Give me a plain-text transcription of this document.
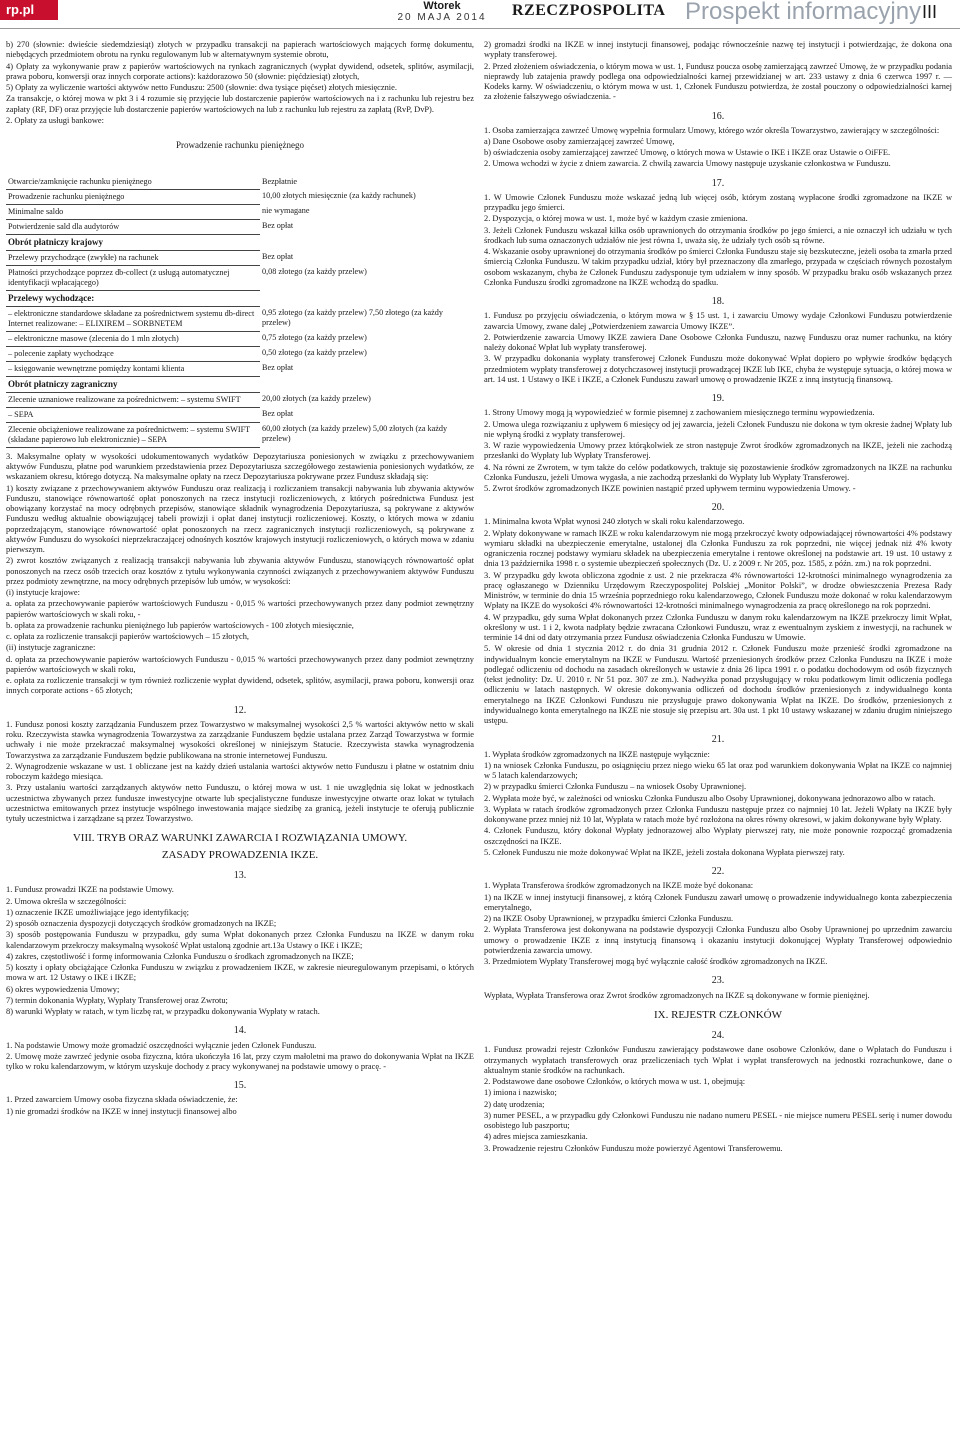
rp.pl	Wtorek
20 MAJA 2014	RZECZPOSPOLITA Prospekt informacyjny III

b) 270 (słownie: dwieście siedemdziesiąt) złotych w przypadku transakcji na papierach wartościowych mających formę dokumentu, niebędących przedmiotem obrotu na rynku regulowanym lub w alternatywnym systemie obrotu,

4) Opłaty za wykonywanie praw z papierów wartościowych na rynkach zagranicznych (wypłat dywidend, odsetek, splitów, asymilacji, prawa poboru, konwersji oraz innych corporate actions): każdorazowo 50 (słownie: pięćdziesiąt) złotych,

5) Opłaty za wyliczenie wartości aktywów netto Funduszu: 2500 (słownie: dwa tysiące pięćset) złotych miesięcznie.

Za transakcje, o której mowa w pkt 3 i 4 rozumie się przyjęcie lub dostarczenie papierów wartościowych na i z rachunku lub rejestru bez zapłaty (RF, DF) oraz przyjęcie lub dostarczenie papierów wartościowych na lub z rachunku lub rejestru za zapłatą (RvP, DvP).

2. Opłaty za usługi bankowe:

Prowadzenie rachunku pieniężnego
Otwarcie/zamknięcie rachunku pieniężnego	Bezpłatnie
Prowadzenie rachunku pieniężnego	10,00 złotych miesięcznie (za każdy rachunek)
Minimalne saldo	nie wymagane
Potwierdzenie sald dla audytorów	Bez opłat
Obrót płatniczy krajowy	
Przelewy przychodzące (zwykłe) na rachunek	Bez opłat
Płatności przychodzące poprzez db-collect (z usługą automatycznej identyfikacji wpłacającego)	0,08 złotego (za każdy przelew)
Przelewy wychodzące:	
– elektroniczne standardowe składane za pośrednictwem systemu db-direct Internet realizowane: – ELIXIREM – SORBNETEM	0,95 złotego (za każdy przelew) 7,50 złotego (za każdy przelew)
– elektroniczne masowe (zlecenia do 1 mln złotych)	0,75 złotego (za każdy przelew)
– polecenie zapłaty wychodzące	0,50 złotego (za każdy przelew)
– księgowanie wewnętrzne pomiędzy kontami klienta	Bez opłat
Obrót płatniczy zagraniczny	
Zlecenie uznaniowe realizowane za pośrednictwem: – systemu SWIFT	20,00 złotych (za każdy przelew)
– SEPA	Bez opłat
Zlecenie obciążeniowe realizowane za pośrednictwem: – systemu SWIFT (składane papierowo lub elektronicznie) – SEPA	60,00 złotych (za każdy przelew) 5,00 złotych (za każdy przelew)

3. Maksymalne opłaty w wysokości udokumentowanych wydatków Depozytariusza poniesionych w związku z przechowywaniem aktywów Funduszu, płatne pod warunkiem przedstawienia przez Depozytariusza szczegółowego zestawienia poniesionych wydatków, ze wskazaniem okresu, którego dotyczą. Na maksymalne opłaty na rzecz Depozytariusza pokrywane przez Fundusz składają się:

1) koszty związane z przechowywaniem aktywów Funduszu oraz realizacją i rozliczaniem transakcji nabywania lub zbywania aktywów Funduszu, stanowiące równowartość opłat ponoszonych na rzecz instytucji rozliczeniowych, z których pośrednictwa Fundusz jest obowiązany korzystać na mocy odrębnych przepisów, stanowiące składnik wynagrodzenia Depozytariusza, są pokrywane z aktywów Funduszu według aktualnie obowiązującej tabeli prowizji i opłat danej instytucji rozliczeniowej. Koszty, o których mowa w zdaniu poprzedzającym, stanowiące równowartość opłat ponoszonych na rzecz zagranicznych instytucji rozliczeniowych, są pokrywane z aktywów Funduszu do wysokości nieprzekraczającej odnośnych kosztów krajowych instytucji rozliczeniowych, o których mowa w zdaniu pierwszym.

2) zwrot kosztów związanych z realizacją transakcji nabywania lub zbywania aktywów Funduszu, stanowiących równowartość opłat ponoszonych na rzecz osób trzecich oraz kosztów z tytułu wykonywania czynności związanych z przechowywaniem aktywów Funduszu przez podmioty zewnętrzne, na mocy odrębnych przepisów lub umów, w wysokości:

(i) instytucje krajowe:

a. opłata za przechowywanie papierów wartościowych Funduszu - 0,015 % wartości przechowywanych przez dany podmiot zewnętrzny papierów wartościowych w skali roku, -

b. opłata za prowadzenie rachunku pieniężnego lub papierów wartościowych - 100 złotych miesięcznie,

c. opłata za rozliczenie transakcji papierów wartościowych – 15 złotych,

(ii) instytucje zagraniczne:

d. opłata za przechowywanie papierów wartościowych Funduszu - 0,015 % wartości przechowywanych przez dany podmiot zewnętrzny papierów wartościowych w skali roku,

e. opłata za rozliczenie transakcji w tym również rozliczenie wypłat dywidend, odsetek, splitów, asymilacji, prawa poboru, konwersji oraz innych corporate actions - 65 złotych;

12.

1. Fundusz ponosi koszty zarządzania Funduszem przez Towarzystwo w maksymalnej wysokości 2,5 % wartości aktywów netto w skali roku. Rzeczywista stawka wynagrodzenia Towarzystwa za zarządzanie Funduszem będzie ustalana przez Zarząd Towarzystwa w formie uchwały i nie może przekraczać maksymalnej wysokości określonej w niniejszym Statucie. Rzeczywista stawka wynagrodzenia Towarzystwa za zarządzanie Funduszem będzie publikowana na stronie internetowej Funduszu.

2. Wynagrodzenie wskazane w ust. 1 obliczane jest na każdy dzień ustalania wartości aktywów netto Funduszu i płatne w ostatnim dniu roboczym każdego miesiąca.

3. Przy ustalaniu wartości zarządzanych aktywów netto Funduszu, o której mowa w ust. 1 nie uwzględnia się lokat w jednostkach uczestnictwa zbywanych przez fundusze inwestycyjne otwarte lub specjalistyczne fundusze inwestycyjne otwarte oraz lokat w tytułach uczestnictwa emitowanych przez instytucje wspólnego inwestowania mające siedzibę za granicą, jeżeli instytucje te oferują publicznie tytuły uczestnictwa i zarządzane są przez Towarzystwo.

VIII. TRYB ORAZ WARUNKI ZAWARCIA I ROZWIĄZANIA UMOWY.
ZASADY PROWADZENIA IKZE.
13.

1. Fundusz prowadzi IKZE na podstawie Umowy.

2. Umowa określa w szczególności:

1) oznaczenie IKZE umożliwiające jego identyfikację;

2) sposób oznaczenia dyspozycji dotyczących środków gromadzonych na IKZE;

3) sposób postępowania Funduszu w przypadku, gdy suma Wpłat dokonanych przez Członka Funduszu na IKZE w danym roku kalendarzowym przekroczy maksymalną wysokość Wpłat ustaloną zgodnie art.13a Ustawy o IKE i IKZE;

4) zakres, częstotliwość i formę informowania Członka Funduszu o środkach zgromadzonych na IKZE;

5) koszty i opłaty obciążające Członka Funduszu w związku z prowadzeniem IKZE, w zakresie nieuregulowanym przepisami, o których mowa w art. 12 Ustawy o IKE i IKZE;

6) okres wypowiedzenia Umowy;

7) termin dokonania Wypłaty, Wypłaty Transferowej oraz Zwrotu;

8) warunki Wypłaty w ratach, w tym liczbę rat, w przypadku dokonywania Wypłaty w ratach.

14.

1. Na podstawie Umowy może gromadzić oszczędności wyłącznie jeden Członek Funduszu.

2. Umowę może zawrzeć jedynie osoba fizyczna, która ukończyła 16 lat, przy czym małoletni ma prawo do dokonywania Wpłat na IKZE tylko w roku kalendarzowym, w którym uzyskuje dochody z pracy wykonywanej na podstawie umowy o pracę. -

15.

1. Przed zawarciem Umowy osoba fizyczna składa oświadczenie, że:

1) nie gromadzi środków na IKZE w innej instytucji finansowej albo

2) gromadzi środki na IKZE w innej instytucji finansowej, podając równocześnie nazwę tej instytucji i potwierdzając, że dokona ona wypłaty transferowej.

2. Przed złożeniem oświadczenia, o którym mowa w ust. 1, Fundusz poucza osobę zamierzającą zawrzeć Umowę, że w przypadku podania nieprawdy lub zatajenia prawdy podlega ona odpowiedzialności karnej przewidzianej w art. 233 ustawy z dnia 6 czerwca 1997 r. — Kodeks karny. W oświadczeniu, o którym mowa w ust. 1, Członek Funduszu potwierdza, że został pouczony o odpowiedzialności karnej za złożenie fałszywego oświadczenia. -

16.

1. Osoba zamierzająca zawrzeć Umowę wypełnia formularz Umowy, którego wzór określa Towarzystwo, zawierający w szczególności:

a) Dane Osobowe osoby zamierzającej zawrzeć Umowę,

b) oświadczenia osoby zamierzającej zawrzeć Umowę, o których mowa w Ustawie o IKE i IKZE oraz Ustawie o OiFFE.

2. Umowa wchodzi w życie z dniem zawarcia. Z chwilą zawarcia Umowy następuje uzyskanie członkostwa w Funduszu.

17.

1. W Umowie Członek Funduszu może wskazać jedną lub więcej osób, którym zostaną wypłacone środki zgromadzone na IKZE w przypadku jego śmierci.

2. Dyspozycja, o której mowa w ust. 1, może być w każdym czasie zmieniona.

3. Jeżeli Członek Funduszu wskazał kilka osób uprawnionych do otrzymania środków po jego śmierci, a nie oznaczył ich udziału w tych środkach lub suma oznaczonych udziałów nie jest równa 1, uważa się, że udziały tych osób są równe.

4. Wskazanie osoby uprawnionej do otrzymania środków po śmierci Członka Funduszu staje się bezskuteczne, jeżeli osoba ta zmarła przed śmiercią Członka Funduszu. W takim przypadku udział, który był przeznaczony dla zmarłego, przypada w częściach równych pozostałym osobom wskazanym, chyba że Członek Funduszu zadysponuje tym udziałem w inny sposób. W przypadku braku osób wskazanych przez Członka Funduszu środki zgromadzone na IKZE wchodzą do spadku.

18.

1. Fundusz po przyjęciu oświadczenia, o którym mowa w § 15 ust. 1, i zawarciu Umowy wydaje Członkowi Funduszu potwierdzenie zawarcia Umowy, zwane dalej „Potwierdzeniem zawarcia Umowy IKZE”.

2. Potwierdzenie zawarcia Umowy IKZE zawiera Dane Osobowe Członka Funduszu, nazwę Funduszu oraz numer rachunku, na który należy dokonać Wpłat lub wypłaty transferowej.

3. W przypadku dokonania wypłaty transferowej Członek Funduszu może dokonywać Wpłat dopiero po wpływie środków będących przedmiotem wypłaty transferowej z dotychczasowej instytucji prowadzącej IKZE lub IKE, chyba że występuje sytuacja, o której mowa w art. 14 ust. 1 Ustawy o IKE i IKZE, a Członek Funduszu zawarł umowę o prowadzenie IKZE z inną instytucją finansową.

19.

1. Strony Umowy mogą ją wypowiedzieć w formie pisemnej z zachowaniem miesięcznego terminu wypowiedzenia.

2. Umowa ulega rozwiązaniu z upływem 6 miesięcy od jej zawarcia, jeżeli Członek Funduszu nie dokona w tym okresie żadnej Wpłaty lub nie wpłyną środki z wypłaty transferowej.

3. W razie wypowiedzenia Umowy przez którąkolwiek ze stron następuje Zwrot środków zgromadzonych na IKZE, jeżeli nie zachodzą przesłanki do Wypłaty lub Wypłaty Transferowej.

4. Na równi ze Zwrotem, w tym także do celów podatkowych, traktuje się pozostawienie środków zgromadzonych na IKZE na rachunku Członka Funduszu, jeżeli Umowa wygasła, a nie zachodzą przesłanki do Wypłaty lub Wypłaty Transferowej.

5. Zwrot środków zgromadzonych IKZE powinien nastąpić przed upływem terminu wypowiedzenia Umowy. -

20.

1. Minimalna kwota Wpłat wynosi 240 złotych w skali roku kalendarzowego.

2. Wpłaty dokonywane w ramach IKZE w roku kalendarzowym nie mogą przekroczyć kwoty odpowiadającej równowartości 4% podstawy wymiaru składki na ubezpieczenie emerytalne, ustalonej dla Członka Funduszu za rok poprzedni, nie więcej jednak niż 4% kwoty ograniczenia rocznej podstawy wymiaru składek na ubezpieczenia emerytalne i rentowe określonej na podstawie art. 19 ust. 10 ustawy z dnia 13 października 1998 r. o systemie ubezpieczeń społecznych (Dz. U. z 2009 r. Nr 205, poz. 1585, z późn. zm.) na rok poprzedni.

3. W przypadku gdy kwota obliczona zgodnie z ust. 2 nie przekracza 4% równowartości 12-krotności minimalnego wynagrodzenia za pracę ogłaszanego w Dzienniku Urzędowym Rzeczypospolitej Polskiej „Monitor Polski”, w drodze obwieszczenia Prezesa Rady Ministrów, w terminie do dnia 15 września poprzedniego roku kalendarzowego, Członek Funduszu może dokonać w roku kalendarzowym Wpłaty na IKZE do wysokości 4% równowartości 12-krotności minimalnego wynagrodzenia za pracę określonego na rok poprzedni.

4. W przypadku, gdy suma Wpłat dokonanych przez Członka Funduszu w danym roku kalendarzowym na IKZE przekroczy limit Wpłat, określony w ust. 1 i 2, kwota nadpłaty będzie zwracana Członkowi Funduszu, wraz z ewentualnym zyskiem z inwestycji, na rachunek w terminie 14 dni od daty otrzymania przez Fundusz oświadczenia Członka Funduszu w Umowie.

5. W okresie od dnia 1 stycznia 2012 r. do dnia 31 grudnia 2012 r. Członek Funduszu może przenieść środki zgromadzone na indywidualnym koncie emerytalnym na IKZE w Funduszu. Wartość przeniesionych środków przez Członka Funduszu na IKZE i może podlegać odliczeniu od dochodu na zasadach określonych w ustawie z dnia 26 lipca 1991 r. o podatku dochodowym od osób fizycznych (tekst jednolity: Dz. U. 2010 r. Nr 51 poz. 307 ze zm.). Nadwyżka ponad przysługujący w roku podatkowym limit odliczenia podlega odliczeniu w latach następnych. W okresie dokonywania odliczeń od dochodu środków przeniesionych z indywidualnego konta emerytalnego na IKZE Członkowi Funduszu nie przysługuje prawo dokonywania Wpłat na IKZE. Do środków, przeniesionych z indywidualnego konta emerytalnego na IKZE nie stosuje się przepisu art. 30a ust. 1 pkt 10 ustawy wskazanej w zdaniu drugim niniejszego ustępu.

21.

1. Wypłata środków zgromadzonych na IKZE następuje wyłącznie:

1) na wniosek Członka Funduszu, po osiągnięciu przez niego wieku 65 lat oraz pod warunkiem dokonywania Wpłat na IKZE co najmniej w 5 latach kalendarzowych;

2) w przypadku śmierci Członka Funduszu – na wniosek Osoby Uprawnionej.

2. Wypłata może być, w zależności od wniosku Członka Funduszu albo Osoby Uprawnionej, dokonywana jednorazowo albo w ratach.

3. Wypłata w ratach środków zgromadzonych przez Członka Funduszu następuje przez co najmniej 10 lat. Jeżeli Wpłaty na IKZE były dokonywane przez mniej niż 10 lat, Wypłata w ratach może być rozłożona na okres równy okresowi, w jakim dokonywane były Wpłaty.

4. Członek Funduszu, który dokonał Wypłaty jednorazowej albo Wypłaty pierwszej raty, nie może ponownie rozpocząć gromadzenia oszczędności na IKZE.

5. Członek Funduszu nie może dokonywać Wpłat na IKZE, jeżeli została dokonana Wypłata pierwszej raty.

22.

1. Wypłata Transferowa środków zgromadzonych na IKZE może być dokonana:

1) na IKZE w innej instytucji finansowej, z którą Członek Funduszu zawarł umowę o prowadzenie indywidualnego konta zabezpieczenia emerytalnego,

2) na IKZE Osoby Uprawnionej, w przypadku śmierci Członka Funduszu.

2. Wypłata Transferowa jest dokonywana na podstawie dyspozycji Członka Funduszu albo Osoby Uprawnionej po uprzednim zawarciu umowy o prowadzenie IKZE z inną instytucją finansową i okazaniu instytucji dokonującej Wypłaty Transferowej odpowiednio potwierdzenia zawarcia umowy.

3. Przedmiotem Wypłaty Transferowej mogą być wyłącznie całość środków zgromadzonych na IKZE.

23.

Wypłata, Wypłata Transferowa oraz Zwrot środków zgromadzonych na IKZE są dokonywane w formie pieniężnej.

IX. REJESTR CZŁONKÓW
24.

1. Fundusz prowadzi rejestr Członków Funduszu zawierający podstawowe dane osobowe Członków, dane o Wpłatach do Funduszu i otrzymanych wypłatach transferowych oraz przeliczeniach tych Wpłat i wypłat transferowych na jednostki rozrachunkowe, dane o aktualnym stanie środków na rachunkach.

2. Podstawowe dane osobowe Członków, o których mowa w ust. 1, obejmują:

1) imiona i nazwisko;

2) datę urodzenia;

3) numer PESEL, a w przypadku gdy Członkowi Funduszu nie nadano numeru PESEL - nie miejsce numeru PESEL serię i numer dowodu osobistego lub paszportu;

4) adres miejsca zamieszkania.

3. Prowadzenie rejestru Członków Funduszu może powierzyć Agentowi Transferowemu.
